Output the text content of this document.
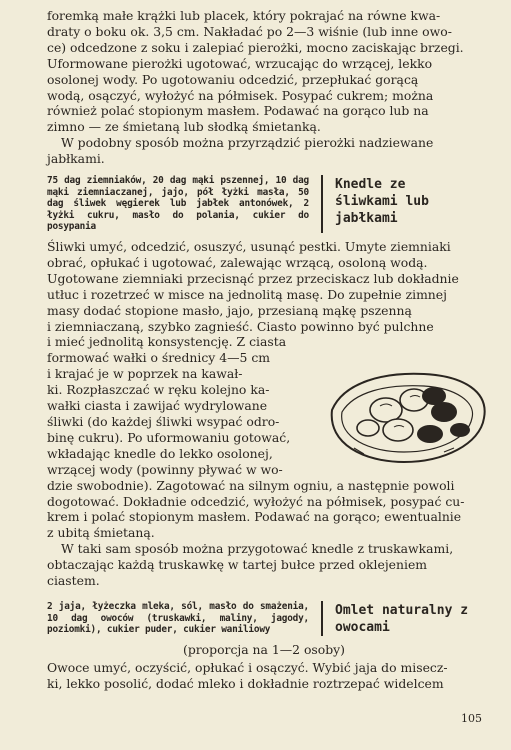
foremką małe krążki lub placek, który pokrajać na równe kwa-

draty o boku ok. 3,5 cm. Nakładać po 2—3 wiśnie (lub inne owo-

ce) odcedzone z soku i zalepiać pierożki, mocno zaciskając brzegi.

Uformowane pierożki ugotować, wrzucając do wrzącej, lekko

osolonej wody. Po ugotowaniu odcedzić, przepłukać gorącą

wodą, osączyć, wyłożyć na półmisek. Posypać cukrem; można

również polać stopionym masłem. Podawać na gorąco lub na

zimno — ze śmietaną lub słodką śmietanką.

W podobny sposób można przyrządzić pierożki nadziewane

jabłkami.

75 dag ziemniaków, 20 dag mąki pszennej, 10 dag mąki ziemniaczanej, jajo, pół łyżki masła, 50 dag śliwek węgierek lub jabłek antonówek, 2 łyżki cukru, masło do polania, cukier do posypania
Knedle ze śliwkami lub jabłkami

Śliwki umyć, odcedzić, osuszyć, usunąć pestki. Umyte ziemniaki

obrać, opłukać i ugotować, zalewając wrzącą, osoloną wodą.

Ugotowane ziemniaki przecisnąć przez przeciskacz lub dokładnie

utłuc i rozetrzeć w misce na jednolitą masę. Do zupełnie zimnej

masy dodać stopione masło, jajo, przesianą mąkę pszenną

i ziemniaczaną, szybko zagnieść. Ciasto powinno być pulchne

i mieć jednolitą konsystencję. Z ciasta

formować wałki o średnicy 4—5 cm

i krajać je w poprzek na kawał-

ki. Rozpłaszczać w ręku kolejno ka-

wałki ciasta i zawijać wydrylowane

śliwki (do każdej śliwki wsypać odro-

binę cukru). Po uformowaniu gotować,

wkładając knedle do lekko osolonej,

wrzącej wody (powinny pływać w wo-

dzie swobodnie). Zagotować na silnym ogniu, a następnie powoli

dogotować. Dokładnie odcedzić, wyłożyć na półmisek, posypać cu-

krem i polać stopionym masłem. Podawać na gorąco; ewentualnie

z ubitą śmietaną.

W taki sam sposób można przygotować knedle z truskawkami,

obtaczając każdą truskawkę w tartej bułce przed oklejeniem

ciastem.

2 jaja, łyżeczka mleka, sól, masło do smażenia, 10 dag owoców (truskawki, maliny, jagody, poziomki), cukier puder, cukier waniliowy
Omlet naturalny z owocami

(proporcja na 1—2 osoby)

Owoce umyć, oczyścić, opłukać i osączyć. Wybić jaja do misecz-

ki, lekko posolić, dodać mleko i dokładnie roztrzepać widelcem

105
